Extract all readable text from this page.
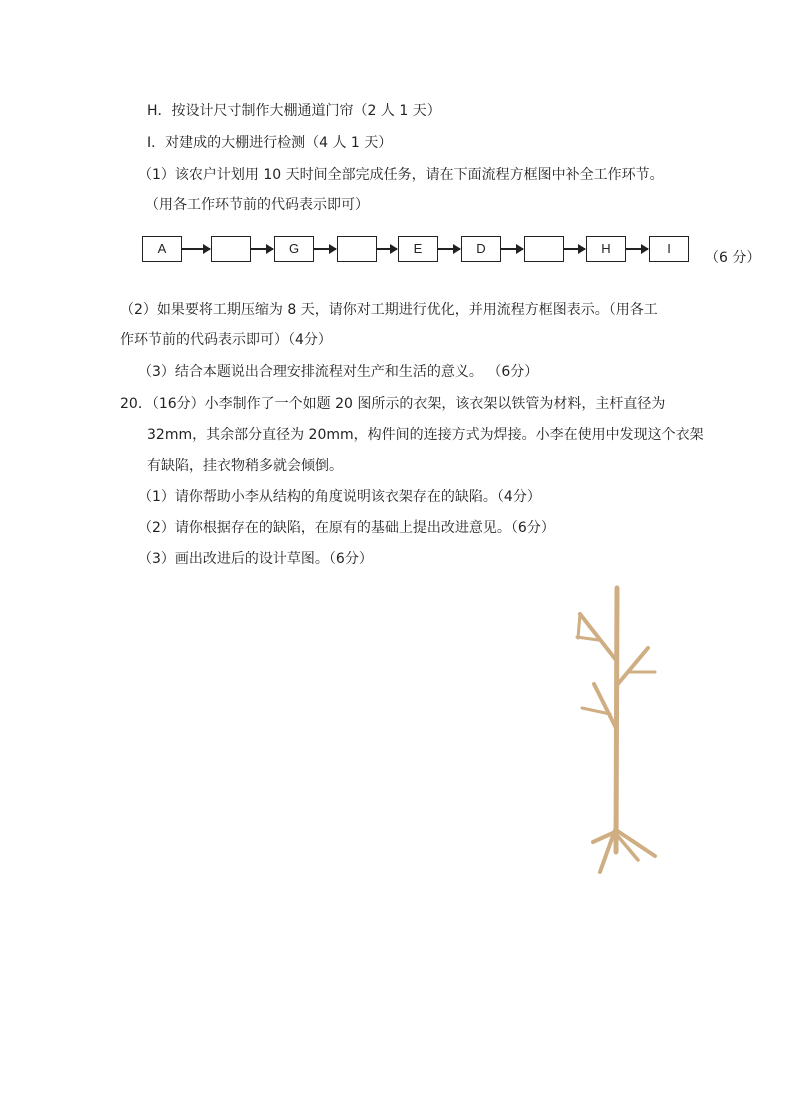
H．按设计尺寸制作大棚通道门帘（2 人 1 天）
I．对建成的大棚进行检测（4 人 1 天）
（1）该农户计划用 10 天时间全部完成任务，请在下面流程方框图中补全工作环节。
（用各工作环节前的代码表示即可）
A	G	E	D	H	I
（6 分）
（2）如果要将工期压缩为 8 天，请你对工期进行优化，并用流程方框图表示。（用各工
作环节前的代码表示即可）（4分）
（3）结合本题说出合理安排流程对生产和生活的意义。 （6分）
20．（16分）小李制作了一个如题 20 图所示的衣架，该衣架以铁管为材料，主杆直径为
32mm，其余部分直径为 20mm，构件间的连接方式为焊接。小李在使用中发现这个衣架
有缺陷，挂衣物稍多就会倾倒。
（1）请你帮助小李从结构的角度说明该衣架存在的缺陷。（4分）
（2）请你根据存在的缺陷，在原有的基础上提出改进意见。（6分）
（3）画出改进后的设计草图。（6分）
